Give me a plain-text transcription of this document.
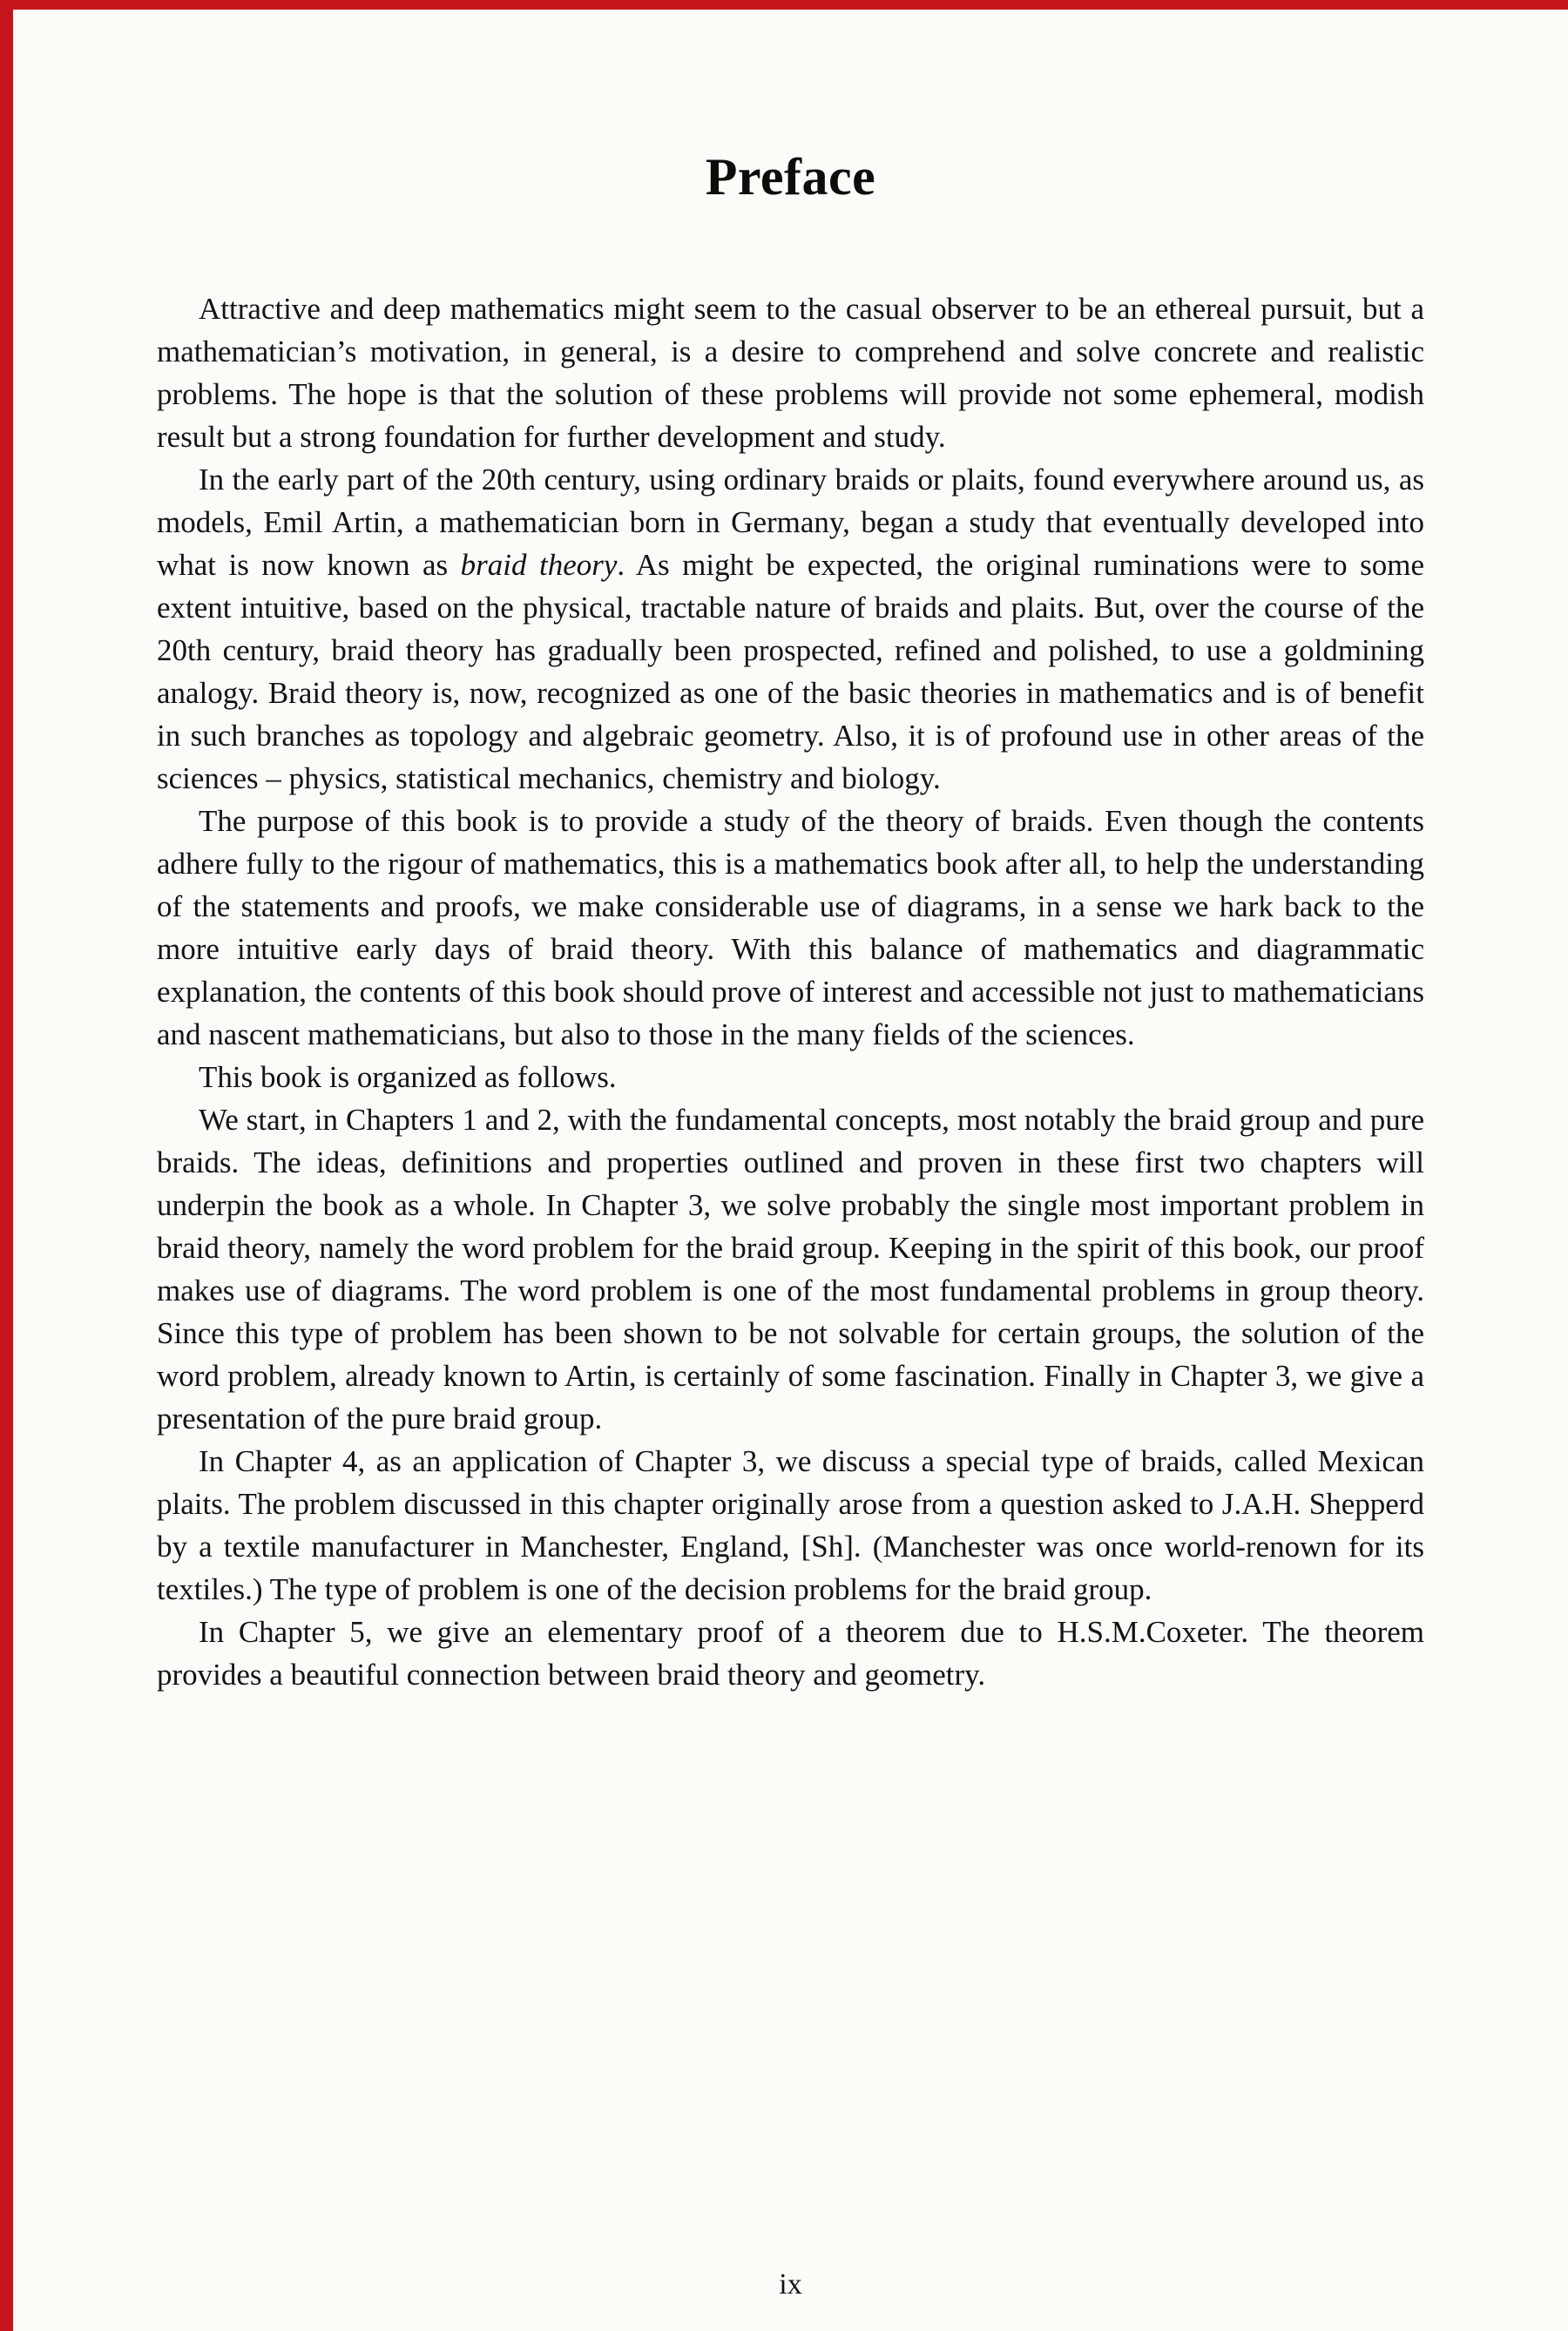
Preface

Attractive and deep mathematics might seem to the casual observer to be an ethereal pursuit, but a mathematician’s motivation, in general, is a desire to comprehend and solve concrete and realistic problems. The hope is that the solution of these problems will provide not some ephemeral, modish result but a strong foundation for further development and study.

In the early part of the 20th century, using ordinary braids or plaits, found everywhere around us, as models, Emil Artin, a mathematician born in Germany, began a study that eventually developed into what is now known as braid theory. As might be expected, the original ruminations were to some extent intuitive, based on the physical, tractable nature of braids and plaits. But, over the course of the 20th century, braid theory has gradually been prospected, refined and polished, to use a goldmining analogy. Braid theory is, now, recognized as one of the basic theories in mathematics and is of benefit in such branches as topology and algebraic geometry. Also, it is of profound use in other areas of the sciences – physics, statistical mechanics, chemistry and biology.

The purpose of this book is to provide a study of the theory of braids. Even though the contents adhere fully to the rigour of mathematics, this is a mathematics book after all, to help the understanding of the statements and proofs, we make considerable use of diagrams, in a sense we hark back to the more intuitive early days of braid theory. With this balance of mathematics and diagrammatic explanation, the contents of this book should prove of interest and accessible not just to mathematicians and nascent mathematicians, but also to those in the many fields of the sciences.

This book is organized as follows.

We start, in Chapters 1 and 2, with the fundamental concepts, most notably the braid group and pure braids. The ideas, definitions and properties outlined and proven in these first two chapters will underpin the book as a whole. In Chapter 3, we solve probably the single most important problem in braid theory, namely the word problem for the braid group. Keeping in the spirit of this book, our proof makes use of diagrams. The word problem is one of the most fundamental problems in group theory. Since this type of problem has been shown to be not solvable for certain groups, the solution of the word problem, already known to Artin, is certainly of some fascination. Finally in Chapter 3, we give a presentation of the pure braid group.

In Chapter 4, as an application of Chapter 3, we discuss a special type of braids, called Mexican plaits. The problem discussed in this chapter originally arose from a question asked to J.A.H. Shepperd by a textile manufacturer in Manchester, England, [Sh]. (Manchester was once world-renown for its textiles.) The type of problem is one of the decision problems for the braid group.

In Chapter 5, we give an elementary proof of a theorem due to H.S.M.Coxeter. The theorem provides a beautiful connection between braid theory and geometry.

ix
